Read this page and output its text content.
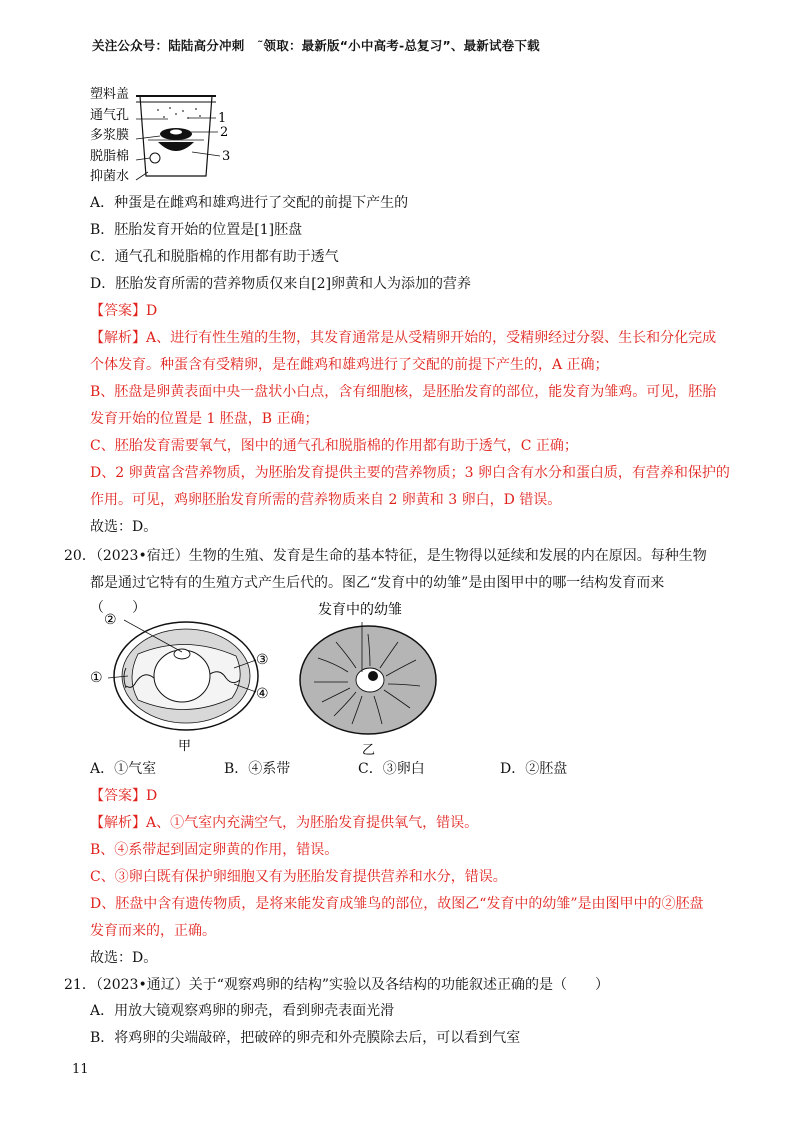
关注公众号：陆陆高分冲刺　˜领取：最新版“小中高考-总复习”、最新试卷下载
塑料盖
通气孔
多浆膜
脱脂棉
抑菌水
1
2
3
A．种蛋是在雌鸡和雄鸡进行了交配的前提下产生的
B．胚胎发育开始的位置是[1]胚盘
C．通气孔和脱脂棉的作用都有助于透气
D．胚胎发育所需的营养物质仅来自[2]卵黄和人为添加的营养
【答案】D
【解析】A、进行有性生殖的生物，其发育通常是从受精卵开始的，受精卵经过分裂、生长和分化完成
个体发育。种蛋含有受精卵，是在雌鸡和雄鸡进行了交配的前提下产生的，A 正确；
B、胚盘是卵黄表面中央一盘状小白点，含有细胞核，是胚胎发育的部位，能发育为雏鸡。可见，胚胎
发育开始的位置是 1 胚盘，B 正确；
C、胚胎发育需要氧气，图中的通气孔和脱脂棉的作用都有助于透气，C 正确；
D、2 卵黄富含营养物质，为胚胎发育提供主要的营养物质；3 卵白含有水分和蛋白质，有营养和保护的
作用。可见，鸡卵胚胎发育所需的营养物质来自 2 卵黄和 3 卵白，D 错误。
故选：D。
20．（2023•宿迁）生物的生殖、发育是生命的基本特征，是生物得以延续和发展的内在原因。每种生物
都是通过它特有的生殖方式产生后代的。图乙“发育中的幼雏”是由图甲中的哪一结构发育而来
（　　）
②
①
③
④
甲
发育中的幼雏
乙
A．①气室	B．④系带	C．③卵白	D．②胚盘
【答案】D
【解析】A、①气室内充满空气，为胚胎发育提供氧气，错误。
B、④系带起到固定卵黄的作用，错误。
C、③卵白既有保护卵细胞又有为胚胎发育提供营养和水分，错误。
D、胚盘中含有遗传物质，是将来能发育成雏鸟的部位，故图乙“发育中的幼雏”是由图甲中的②胚盘
发育而来的，正确。
故选：D。
21．（2023•通辽）关于“观察鸡卵的结构”实验以及各结构的功能叙述正确的是（　　）
A．用放大镜观察鸡卵的卵壳，看到卵壳表面光滑
B．将鸡卵的尖端敲碎，把破碎的卵壳和外壳膜除去后，可以看到气室
11
